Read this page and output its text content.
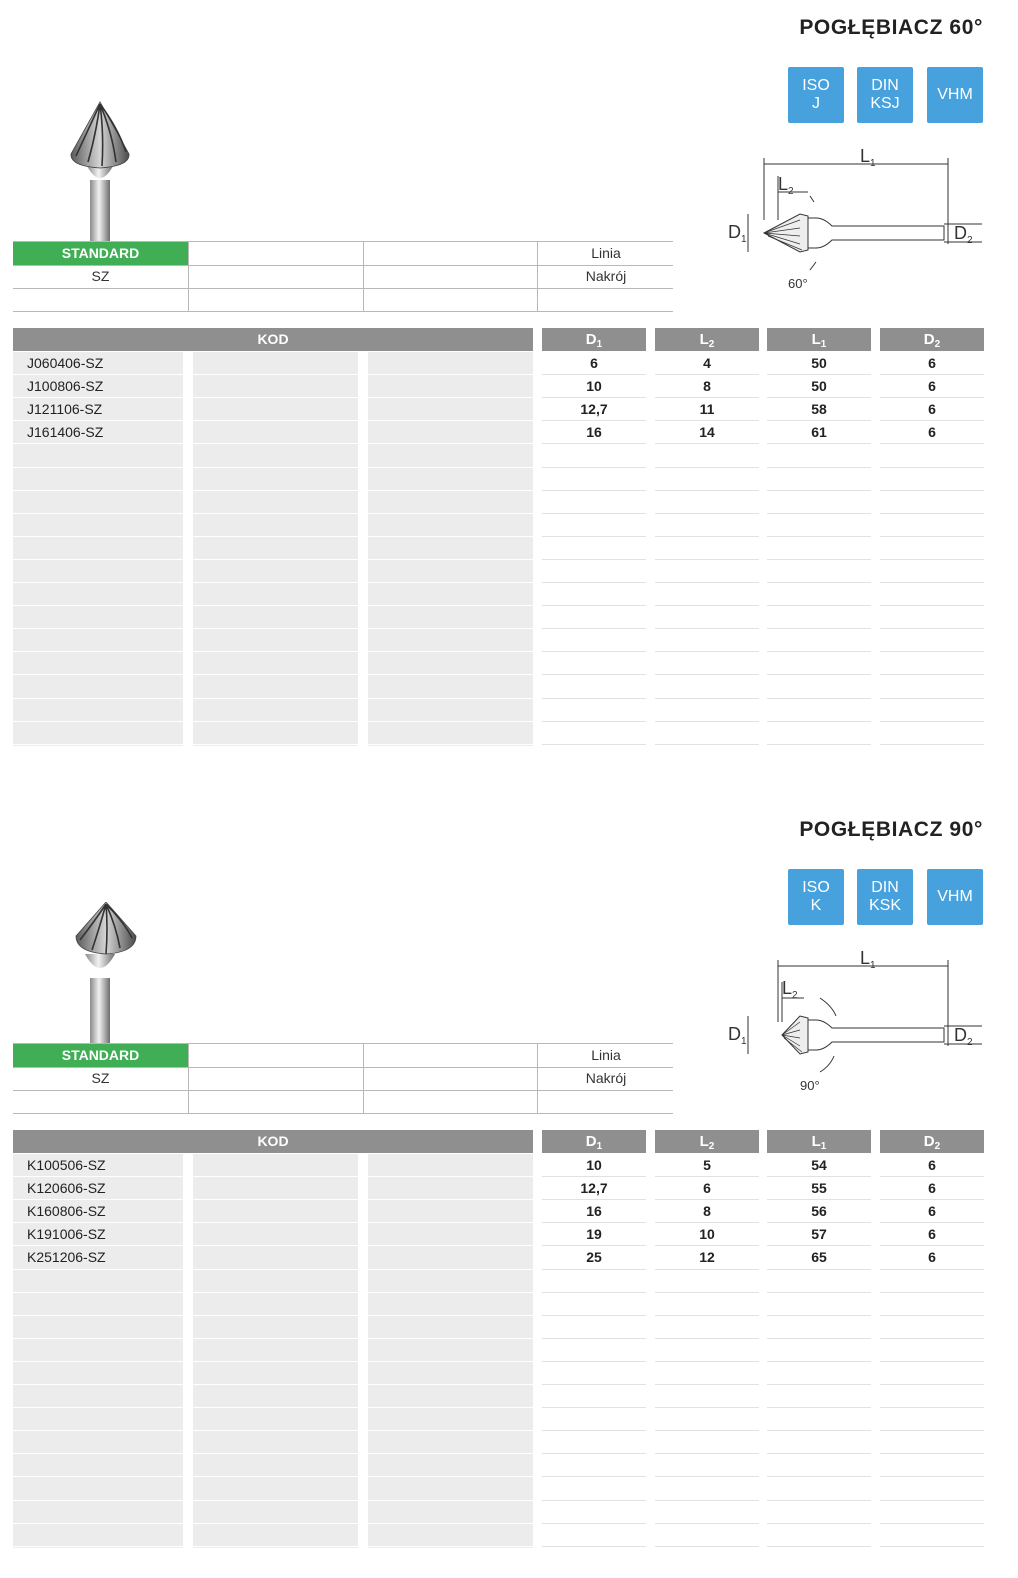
POGŁĘBIACZ 60°
ISO
J
DIN
KSJ
VHM
$L_1$
$L_2$
$D_1$	$D_2$
60°
STANDARD	Linia
SZ	Nakrój
KOD	$D_1$	$L_2$	$L_1$	$D_2$
J060406-SZ	6	4	50	6
J100806-SZ	10	8	50	6
J121106-SZ	12,7	11	58	6
J161406-SZ	16	14	61	6
POGŁĘBIACZ 90°
ISO
K
DIN
KSK
VHM
$L_1$
$L_2$
$D_1$	$D_2$
90°
STANDARD	Linia
SZ	Nakrój
KOD	$D_1$	$L_2$	$L_1$	$D_2$
K100506-SZ	10	5	54	6
K120606-SZ	12,7	6	55	6
K160806-SZ	16	8	56	6
K191006-SZ	19	10	57	6
K251206-SZ	25	12	65	6
